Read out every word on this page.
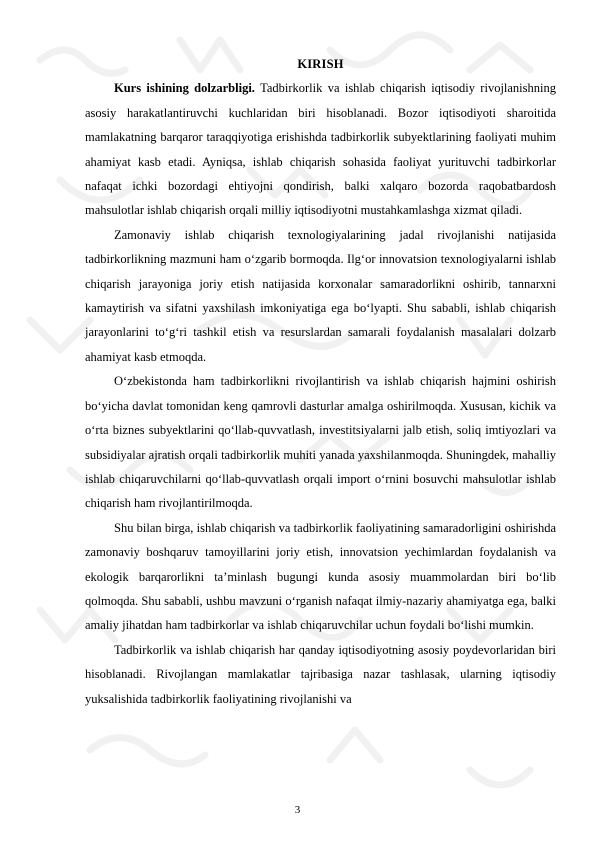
KIRISH

Kurs ishining dolzarbligi. Tadbirkorlik va ishlab chiqarish iqtisodiy rivojlanishning asosiy harakatlantiruvchi kuchlaridan biri hisoblanadi. Bozor iqtisodiyoti sharoitida mamlakatning barqaror taraqqiyotiga erishishda tadbirkorlik subyektlarining faoliyati muhim ahamiyat kasb etadi. Ayniqsa, ishlab chiqarish sohasida faoliyat yurituvchi tadbirkorlar nafaqat ichki bozordagi ehtiyojni qondirish, balki xalqaro bozorda raqobatbardosh mahsulotlar ishlab chiqarish orqali milliy iqtisodiyotni mustahkamlashga xizmat qiladi.

Zamonaviy ishlab chiqarish texnologiyalarining jadal rivojlanishi natijasida tadbirkorlikning mazmuni ham o‘zgarib bormoqda. Ilg‘or innovatsion texnologiyalarni ishlab chiqarish jarayoniga joriy etish natijasida korxonalar samaradorlikni oshirib, tannarxni kamaytirish va sifatni yaxshilash imkoniyatiga ega bo‘lyapti. Shu sababli, ishlab chiqarish jarayonlarini to‘g‘ri tashkil etish va resurslardan samarali foydalanish masalalari dolzarb ahamiyat kasb etmoqda.

O‘zbekistonda ham tadbirkorlikni rivojlantirish va ishlab chiqarish hajmini oshirish bo‘yicha davlat tomonidan keng qamrovli dasturlar amalga oshirilmoqda. Xususan, kichik va o‘rta biznes subyektlarini qo‘llab-quvvatlash, investitsiyalarni jalb etish, soliq imtiyozlari va subsidiyalar ajratish orqali tadbirkorlik muhiti yanada yaxshilanmoqda. Shuningdek, mahalliy ishlab chiqaruvchilarni qo‘llab-quvvatlash orqali import o‘rnini bosuvchi mahsulotlar ishlab chiqarish ham rivojlantirilmoqda.

Shu bilan birga, ishlab chiqarish va tadbirkorlik faoliyatining samaradorligini oshirishda zamonaviy boshqaruv tamoyillarini joriy etish, innovatsion yechimlardan foydalanish va ekologik barqarorlikni ta’minlash bugungi kunda asosiy muammolardan biri bo‘lib qolmoqda. Shu sababli, ushbu mavzuni o‘rganish nafaqat ilmiy-nazariy ahamiyatga ega, balki amaliy jihatdan ham tadbirkorlar va ishlab chiqaruvchilar uchun foydali bo‘lishi mumkin.

Tadbirkorlik va ishlab chiqarish har qanday iqtisodiyotning asosiy poydevorlaridan biri hisoblanadi. Rivojlangan mamlakatlar tajribasiga nazar tashlasak, ularning iqtisodiy yuksalishida tadbirkorlik faoliyatining rivojlanishi va

3
